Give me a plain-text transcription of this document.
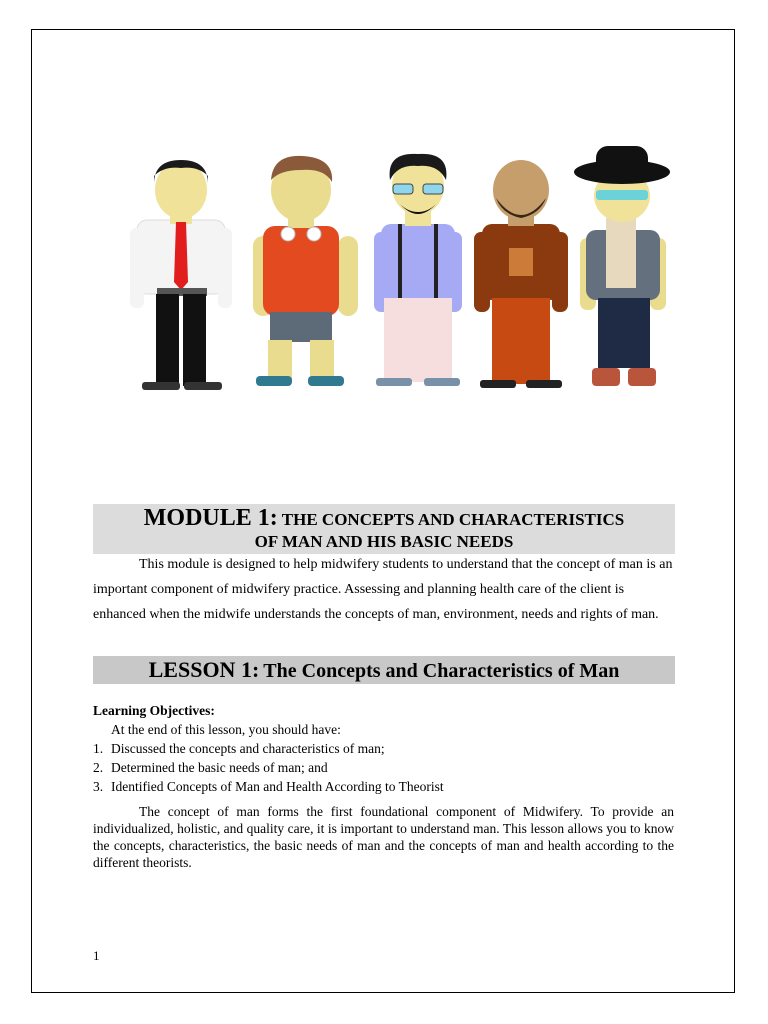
MODULE 1: THE CONCEPTS AND CHARACTERISTICS
OF MAN AND HIS BASIC NEEDS
This module is designed to help midwifery students to understand that the concept of man is an important component of midwifery practice. Assessing and planning health care of the client is enhanced when the midwife understands the concepts of man, environment, needs and rights of man.
LESSON 1: The Concepts and Characteristics of Man
Learning Objectives:
At the end of this lesson, you should have:
1. Discussed the concepts and characteristics of man;
2. Determined the basic needs of man; and
3. Identified Concepts of Man and Health According to Theorist
The concept of man forms the first foundational component of Midwifery. To provide an individualized, holistic, and quality care, it is important to understand man. This lesson allows you to know the concepts, characteristics, the basic needs of man and the concepts of man and health according to the different theorists.
1
